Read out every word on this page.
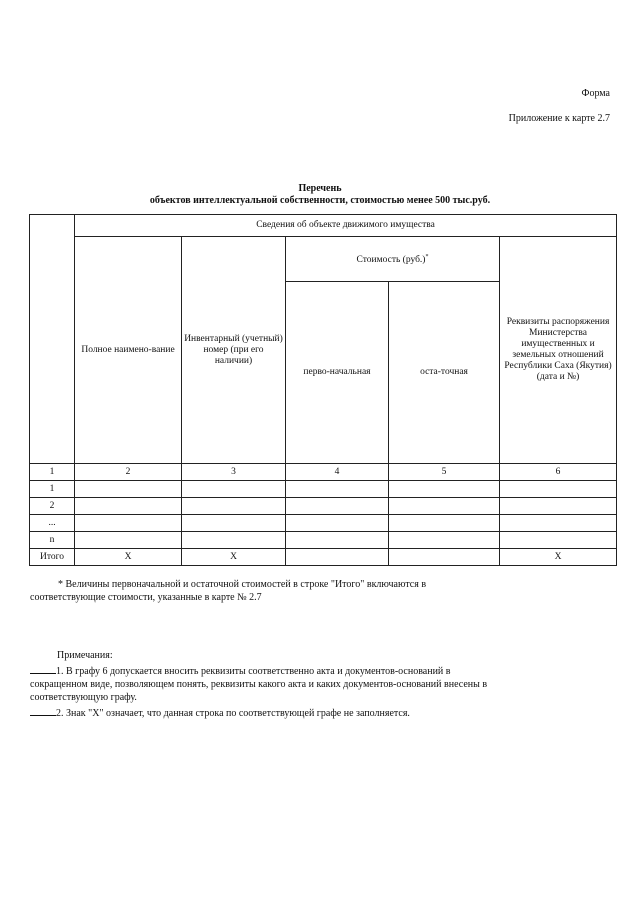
Форма
Приложение к карте 2.7
Перечень
объектов интеллектуальной собственности, стоимостью менее 500 тыс.руб.
	Сведения об объекте движимого имущества				
	Полное наимено-вание	Инвентарный (учетный) номер (при его наличии)	Стоимость (руб.)*		Реквизиты распоряжения Министерства имущественных и земельных отношений Республики Саха (Якутия) (дата и №)
			перво-начальная	оста-точная	
1	2	3	4	5	6
1					
2					
...					
n					
Итого	Х	Х			Х
* Величины первоначальной и остаточной стоимостей в строке "Итого" включаются в
соответствующие стоимости, указанные в карте № 2.7
Примечания:
1. В графу 6 допускается вносить реквизиты соответственно акта и документов-оснований в сокращенном виде, позволяющем понять, реквизиты какого акта и каких документов-оснований внесены в соответствующую графу.
2. Знак "Х" означает, что данная строка по соответствующей графе не заполняется.
